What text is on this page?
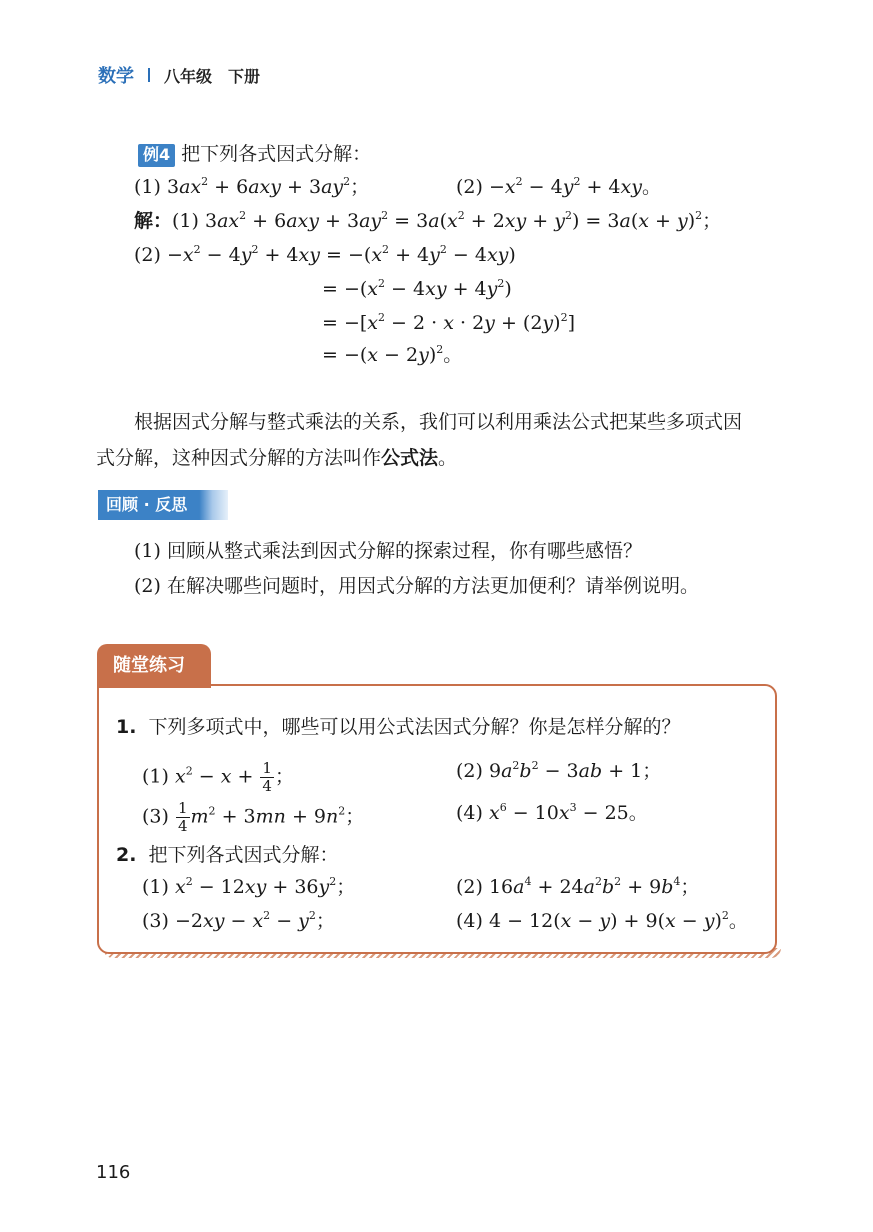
数学 八年级　下册
例4 把下列各式因式分解：
(1) $3ax^2 + 6axy + 3ay^2$；	$(2) -x^2 - 4y^2 + 4xy$。
解：(1) $3ax^2 + 6axy + 3ay^2 = 3a(x^2 + 2xy + y^2) = 3a(x + y)^2$；
$(2) -x^2 - 4y^2 + 4xy = -(x^2 + 4y^2 - 4xy)$
= $-(x^2 - 4xy + 4y^2)$
= $-[x^2 - 2 \cdot x \cdot 2y + (2y)^2]$
= $-(x - 2y)^2$。
根据因式分解与整式乘法的关系，我们可以利用乘法公式把某些多项式因
式分解，这种因式分解的方法叫作公式法。
回顾 · 反思
(1) 回顾从整式乘法到因式分解的探索过程，你有哪些感悟？
(2) 在解决哪些问题时，用因式分解的方法更加便利？请举例说明。
随堂练习
1. 下列多项式中，哪些可以用公式法因式分解？你是怎样分解的？
(1) $x^2 - x + \frac{1}{4}$ ；	(2) $9a^2b^2 - 3ab + 1$；
$(3) \frac{1}{4} m^2 + 3mn + 9n^2$；	(4) $x^6 - 10x^3 - 25$。
2. 把下列各式因式分解：
(1) $x^2 - 12xy + 36y^2$；	(2) $16a^4 + 24a^2b^2 + 9b^4$；
$(3) -2xy - x^2 - y^2$；	(4) $4 - 12(x - y) + 9(x - y)^2$。
116
